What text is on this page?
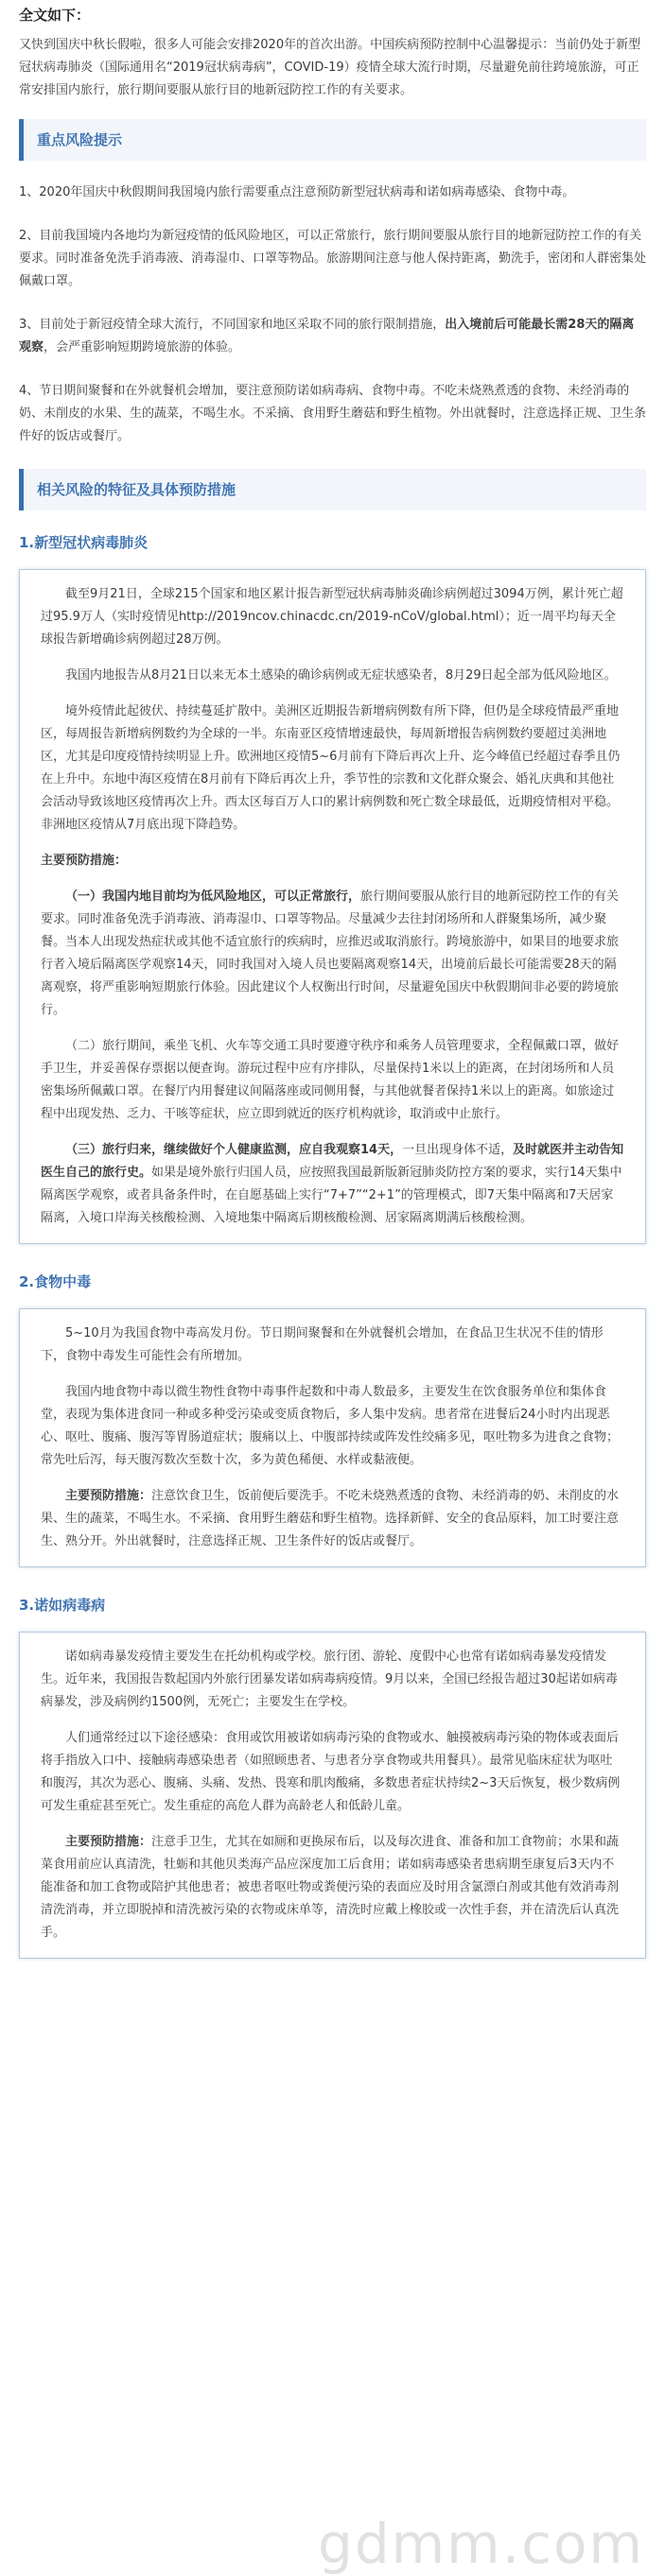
全文如下：

又快到国庆中秋长假啦，很多人可能会安排2020年的首次出游。中国疾病预防控制中心温馨提示：当前仍处于新型冠状病毒肺炎（国际通用名“2019冠状病毒病”，COVID-19）疫情全球大流行时期，尽量避免前往跨境旅游，可正常安排国内旅行，旅行期间要服从旅行目的地新冠防控工作的有关要求。

重点风险提示

1、2020年国庆中秋假期间我国境内旅行需要重点注意预防新型冠状病毒和诺如病毒感染、食物中毒。

2、目前我国境内各地均为新冠疫情的低风险地区，可以正常旅行，旅行期间要服从旅行目的地新冠防控工作的有关要求。同时准备免洗手消毒液、消毒湿巾、口罩等物品。旅游期间注意与他人保持距离，勤洗手，密闭和人群密集处佩戴口罩。

3、目前处于新冠疫情全球大流行，不同国家和地区采取不同的旅行限制措施，出入境前后可能最长需28天的隔离观察，会严重影响短期跨境旅游的体验。

4、节日期间聚餐和在外就餐机会增加，要注意预防诺如病毒病、食物中毒。不吃未烧熟煮透的食物、未经消毒的奶、未削皮的水果、生的蔬菜，不喝生水。不采摘、食用野生蘑菇和野生植物。外出就餐时，注意选择正规、卫生条件好的饭店或餐厅。

相关风险的特征及具体预防措施
1.新型冠状病毒肺炎

截至9月21日，全球215个国家和地区累计报告新型冠状病毒肺炎确诊病例超过3094万例，累计死亡超过95.9万人（实时疫情见http://2019ncov.chinacdc.cn/2019-nCoV/global.html）；近一周平均每天全球报告新增确诊病例超过28万例。

我国内地报告从8月21日以来无本土感染的确诊病例或无症状感染者，8月29日起全部为低风险地区。

境外疫情此起彼伏、持续蔓延扩散中。美洲区近期报告新增病例数有所下降，但仍是全球疫情最严重地区，每周报告新增病例数约为全球的一半。东南亚区疫情增速最快，每周新增报告病例数约要超过美洲地区，尤其是印度疫情持续明显上升。欧洲地区疫情5~6月前有下降后再次上升、迄今峰值已经超过春季且仍在上升中。东地中海区疫情在8月前有下降后再次上升，季节性的宗教和文化群众聚会、婚礼庆典和其他社会活动导致该地区疫情再次上升。西太区每百万人口的累计病例数和死亡数全球最低，近期疫情相对平稳。非洲地区疫情从7月底出现下降趋势。

主要预防措施：

（一）我国内地目前均为低风险地区，可以正常旅行，旅行期间要服从旅行目的地新冠防控工作的有关要求。同时准备免洗手消毒液、消毒湿巾、口罩等物品。尽量减少去往封闭场所和人群聚集场所，减少聚餐。当本人出现发热症状或其他不适宜旅行的疾病时，应推迟或取消旅行。跨境旅游中，如果目的地要求旅行者入境后隔离医学观察14天，同时我国对入境人员也要隔离观察14天，出境前后最长可能需要28天的隔离观察，将严重影响短期旅行体验。因此建议个人权衡出行时间，尽量避免国庆中秋假期间非必要的跨境旅行。

（二）旅行期间，乘坐飞机、火车等交通工具时要遵守秩序和乘务人员管理要求，全程佩戴口罩，做好手卫生，并妥善保存票据以便查询。游玩过程中应有序排队，尽量保持1米以上的距离，在封闭场所和人员密集场所佩戴口罩。在餐厅内用餐建议间隔落座或同侧用餐，与其他就餐者保持1米以上的距离。如旅途过程中出现发热、乏力、干咳等症状，应立即到就近的医疗机构就诊，取消或中止旅行。

（三）旅行归来，继续做好个人健康监测，应自我观察14天，一旦出现身体不适，及时就医并主动告知医生自己的旅行史。如果是境外旅行归国人员，应按照我国最新版新冠肺炎防控方案的要求，实行14天集中隔离医学观察，或者具备条件时，在自愿基础上实行“7+7”“2+1”的管理模式，即7天集中隔离和7天居家隔离，入境口岸海关核酸检测、入境地集中隔离后期核酸检测、居家隔离期满后核酸检测。

2.食物中毒

5~10月为我国食物中毒高发月份。节日期间聚餐和在外就餐机会增加，在食品卫生状况不佳的情形下，食物中毒发生可能性会有所增加。

我国内地食物中毒以微生物性食物中毒事件起数和中毒人数最多，主要发生在饮食服务单位和集体食堂，表现为集体进食同一种或多种受污染或变质食物后，多人集中发病。患者常在进餐后24小时内出现恶心、呕吐、腹痛、腹泻等胃肠道症状；腹痛以上、中腹部持续或阵发性绞痛多见，呕吐物多为进食之食物；常先吐后泻，每天腹泻数次至数十次，多为黄色稀便、水样或黏液便。

主要预防措施：注意饮食卫生，饭前便后要洗手。不吃未烧熟煮透的食物、未经消毒的奶、未削皮的水果、生的蔬菜，不喝生水。不采摘、食用野生蘑菇和野生植物。选择新鲜、安全的食品原料，加工时要注意生、熟分开。外出就餐时，注意选择正规、卫生条件好的饭店或餐厅。

3.诺如病毒病

诺如病毒暴发疫情主要发生在托幼机构或学校。旅行团、游轮、度假中心也常有诺如病毒暴发疫情发生。近年来，我国报告数起国内外旅行团暴发诺如病毒病疫情。9月以来，全国已经报告超过30起诺如病毒病暴发，涉及病例约1500例，无死亡；主要发生在学校。

人们通常经过以下途径感染：食用或饮用被诺如病毒污染的食物或水、触摸被病毒污染的物体或表面后将手指放入口中、接触病毒感染患者（如照顾患者、与患者分享食物或共用餐具）。最常见临床症状为呕吐和腹泻，其次为恶心、腹痛、头痛、发热、畏寒和肌肉酸痛，多数患者症状持续2~3天后恢复，极少数病例可发生重症甚至死亡。发生重症的高危人群为高龄老人和低龄儿童。

主要预防措施：注意手卫生，尤其在如厕和更换尿布后，以及每次进食、准备和加工食物前；水果和蔬菜食用前应认真清洗，牡蛎和其他贝类海产品应深度加工后食用；诺如病毒感染者患病期至康复后3天内不能准备和加工食物或陪护其他患者；被患者呕吐物或粪便污染的表面应及时用含氯漂白剂或其他有效消毒剂清洗消毒，并立即脱掉和清洗被污染的衣物或床单等，清洗时应戴上橡胶或一次性手套，并在清洗后认真洗手。

gdmm.com
